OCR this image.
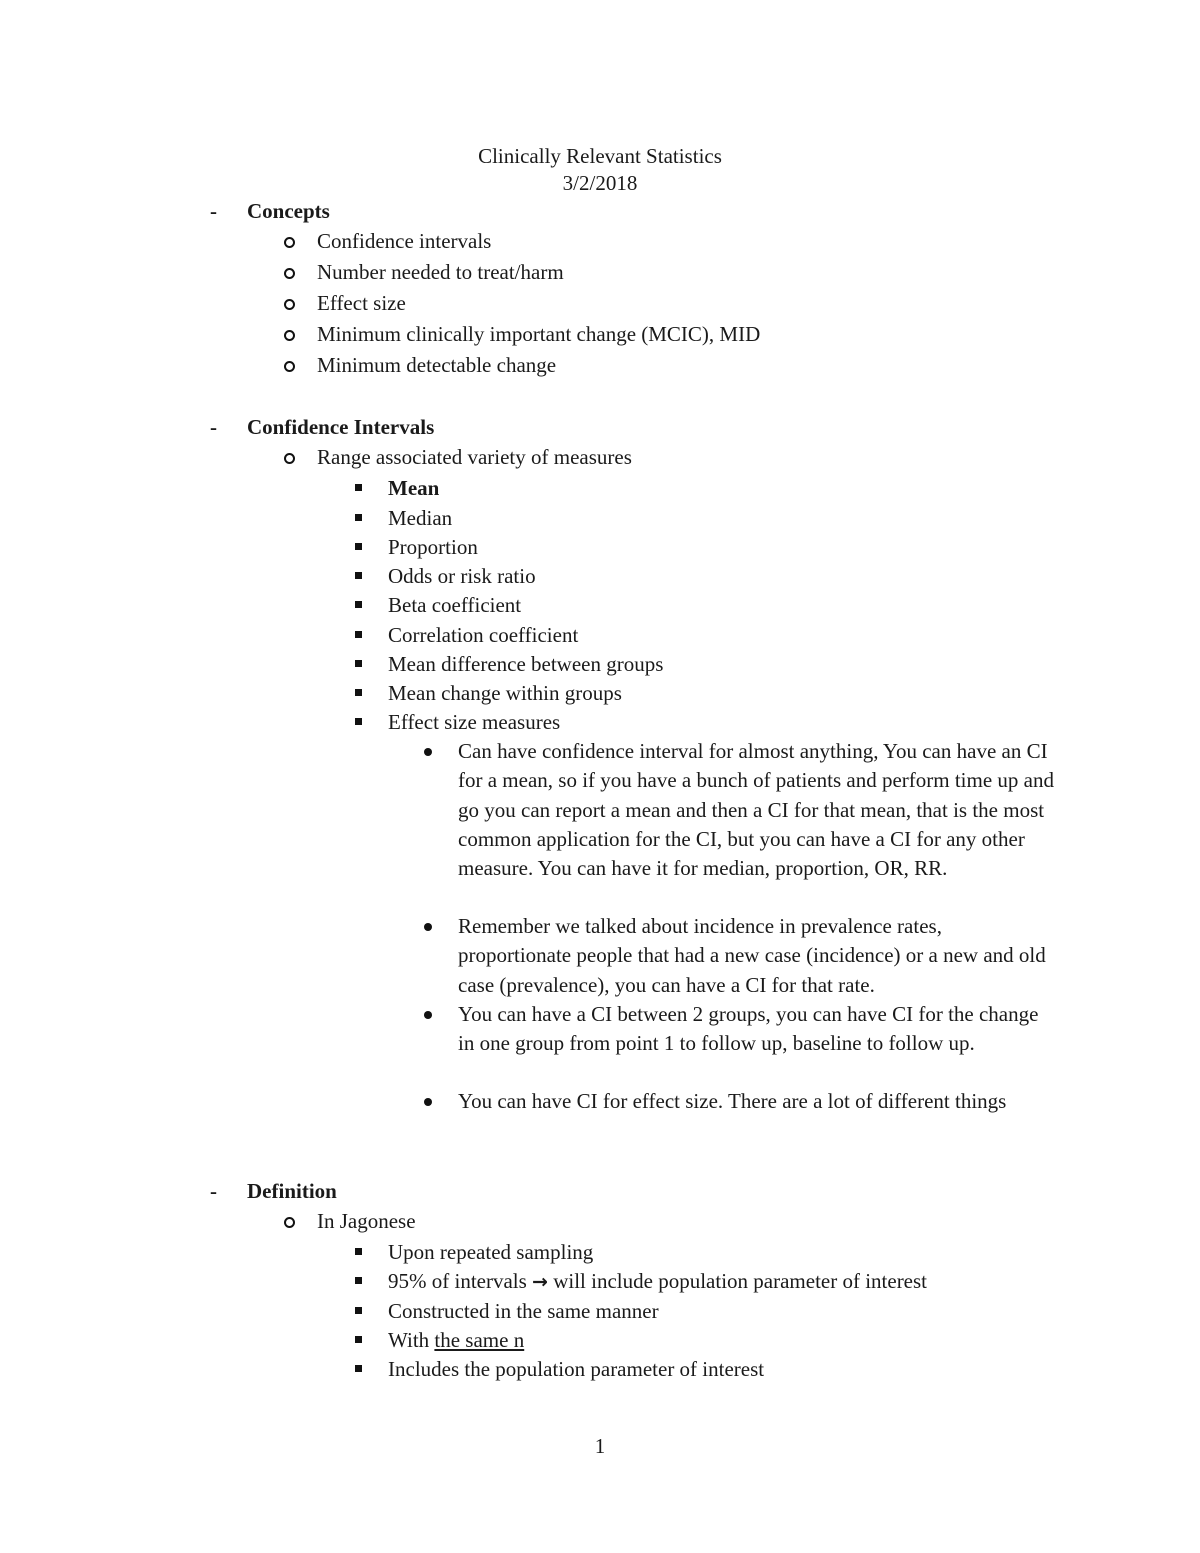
Clinically Relevant Statistics
3/2/2018
- Concepts
Confidence intervals
Number needed to treat/harm
Effect size
Minimum clinically important change (MCIC), MID
Minimum detectable change
- Confidence Intervals
Range associated variety of measures
Mean
Median
Proportion
Odds or risk ratio
Beta coefficient
Correlation coefficient
Mean difference between groups
Mean change within groups
Effect size measures
Can have confidence interval for almost anything, You can have an CI for a mean, so if you have a bunch of patients and perform time up and go you can report a mean and then a CI for that mean, that is the most common application for the CI, but you can have a CI for any other measure. You can have it for median, proportion, OR, RR.
Remember we talked about incidence in prevalence rates, proportionate people that had a new case (incidence) or a new and old case (prevalence), you can have a CI for that rate.
You can have a CI between 2 groups, you can have CI for the change in one group from point 1 to follow up, baseline to follow up.
You can have CI for effect size. There are a lot of different things
- Definition
In Jagonese
Upon repeated sampling
95% of intervals → will include population parameter of interest
Constructed in the same manner
With the same n
Includes the population parameter of interest
1
